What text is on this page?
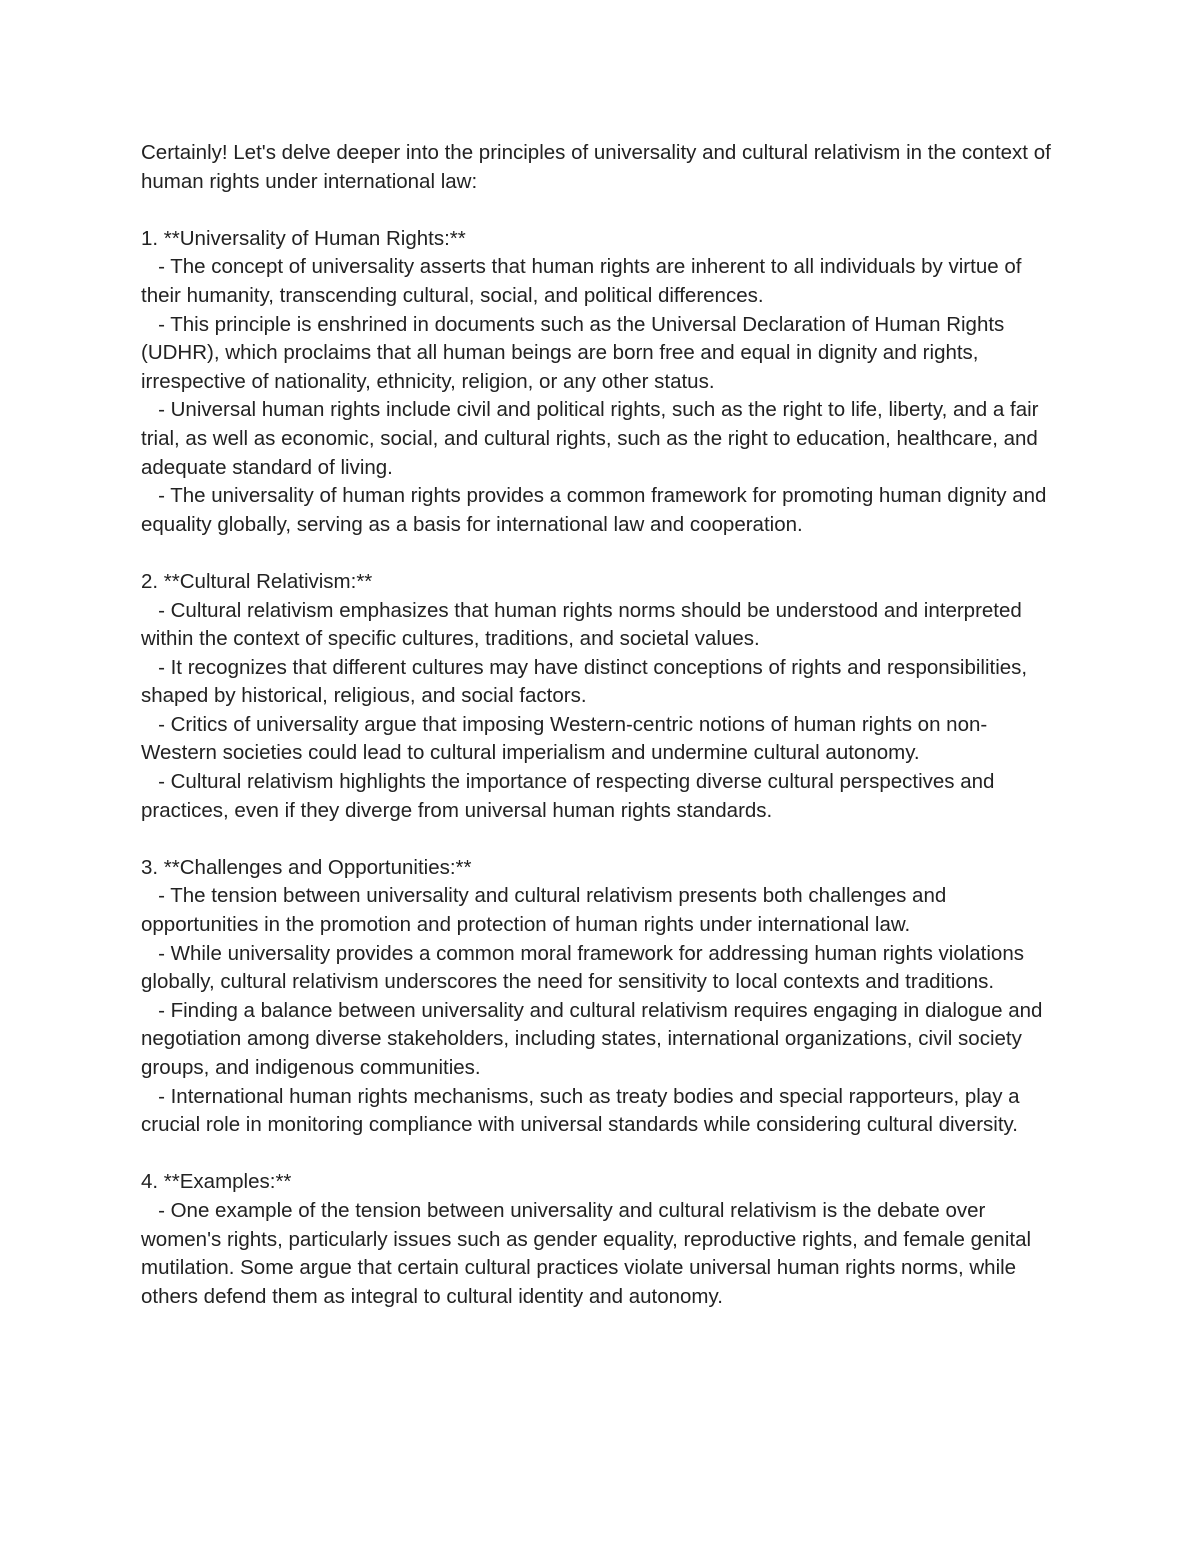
Certainly! Let's delve deeper into the principles of universality and cultural relativism in the context of human rights under international law:

1. **Universality of Human Rights:**

- The concept of universality asserts that human rights are inherent to all individuals by virtue of their humanity, transcending cultural, social, and political differences.

- This principle is enshrined in documents such as the Universal Declaration of Human Rights (UDHR), which proclaims that all human beings are born free and equal in dignity and rights, irrespective of nationality, ethnicity, religion, or any other status.

- Universal human rights include civil and political rights, such as the right to life, liberty, and a fair trial, as well as economic, social, and cultural rights, such as the right to education, healthcare, and adequate standard of living.

- The universality of human rights provides a common framework for promoting human dignity and equality globally, serving as a basis for international law and cooperation.

2. **Cultural Relativism:**

- Cultural relativism emphasizes that human rights norms should be understood and interpreted within the context of specific cultures, traditions, and societal values.

- It recognizes that different cultures may have distinct conceptions of rights and responsibilities, shaped by historical, religious, and social factors.

- Critics of universality argue that imposing Western-centric notions of human rights on non-Western societies could lead to cultural imperialism and undermine cultural autonomy.

- Cultural relativism highlights the importance of respecting diverse cultural perspectives and practices, even if they diverge from universal human rights standards.

3. **Challenges and Opportunities:**

- The tension between universality and cultural relativism presents both challenges and opportunities in the promotion and protection of human rights under international law.

- While universality provides a common moral framework for addressing human rights violations globally, cultural relativism underscores the need for sensitivity to local contexts and traditions.

- Finding a balance between universality and cultural relativism requires engaging in dialogue and negotiation among diverse stakeholders, including states, international organizations, civil society groups, and indigenous communities.

- International human rights mechanisms, such as treaty bodies and special rapporteurs, play a crucial role in monitoring compliance with universal standards while considering cultural diversity.

4. **Examples:**

- One example of the tension between universality and cultural relativism is the debate over women's rights, particularly issues such as gender equality, reproductive rights, and female genital mutilation. Some argue that certain cultural practices violate universal human rights norms, while others defend them as integral to cultural identity and autonomy.
